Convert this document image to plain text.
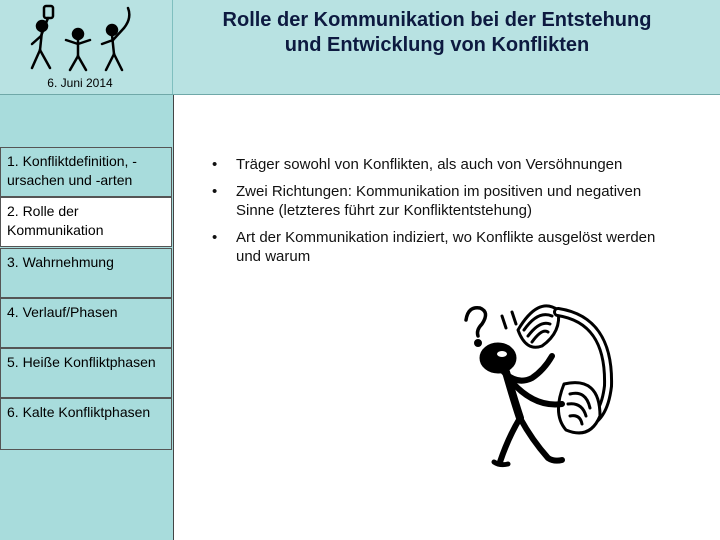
6. Juni 2014
Rolle der Kommunikation bei der Entstehung und Entwicklung von Konflikten
• Träger sowohl von Konflikten, als auch von Versöhnungen
• Zwei Richtungen: Kommunikation im positiven und negativen Sinne (letzteres führt zur Konfliktentstehung)
• Art der Kommunikation indiziert, wo Konflikte ausgelöst werden und warum
1. Konfliktdefinition, -ursachen und -arten
2. Rolle der Kommunikation
3. Wahrnehmung
4. Verlauf/Phasen
5. Heiße Konfliktphasen
6. Kalte Konfliktphasen
